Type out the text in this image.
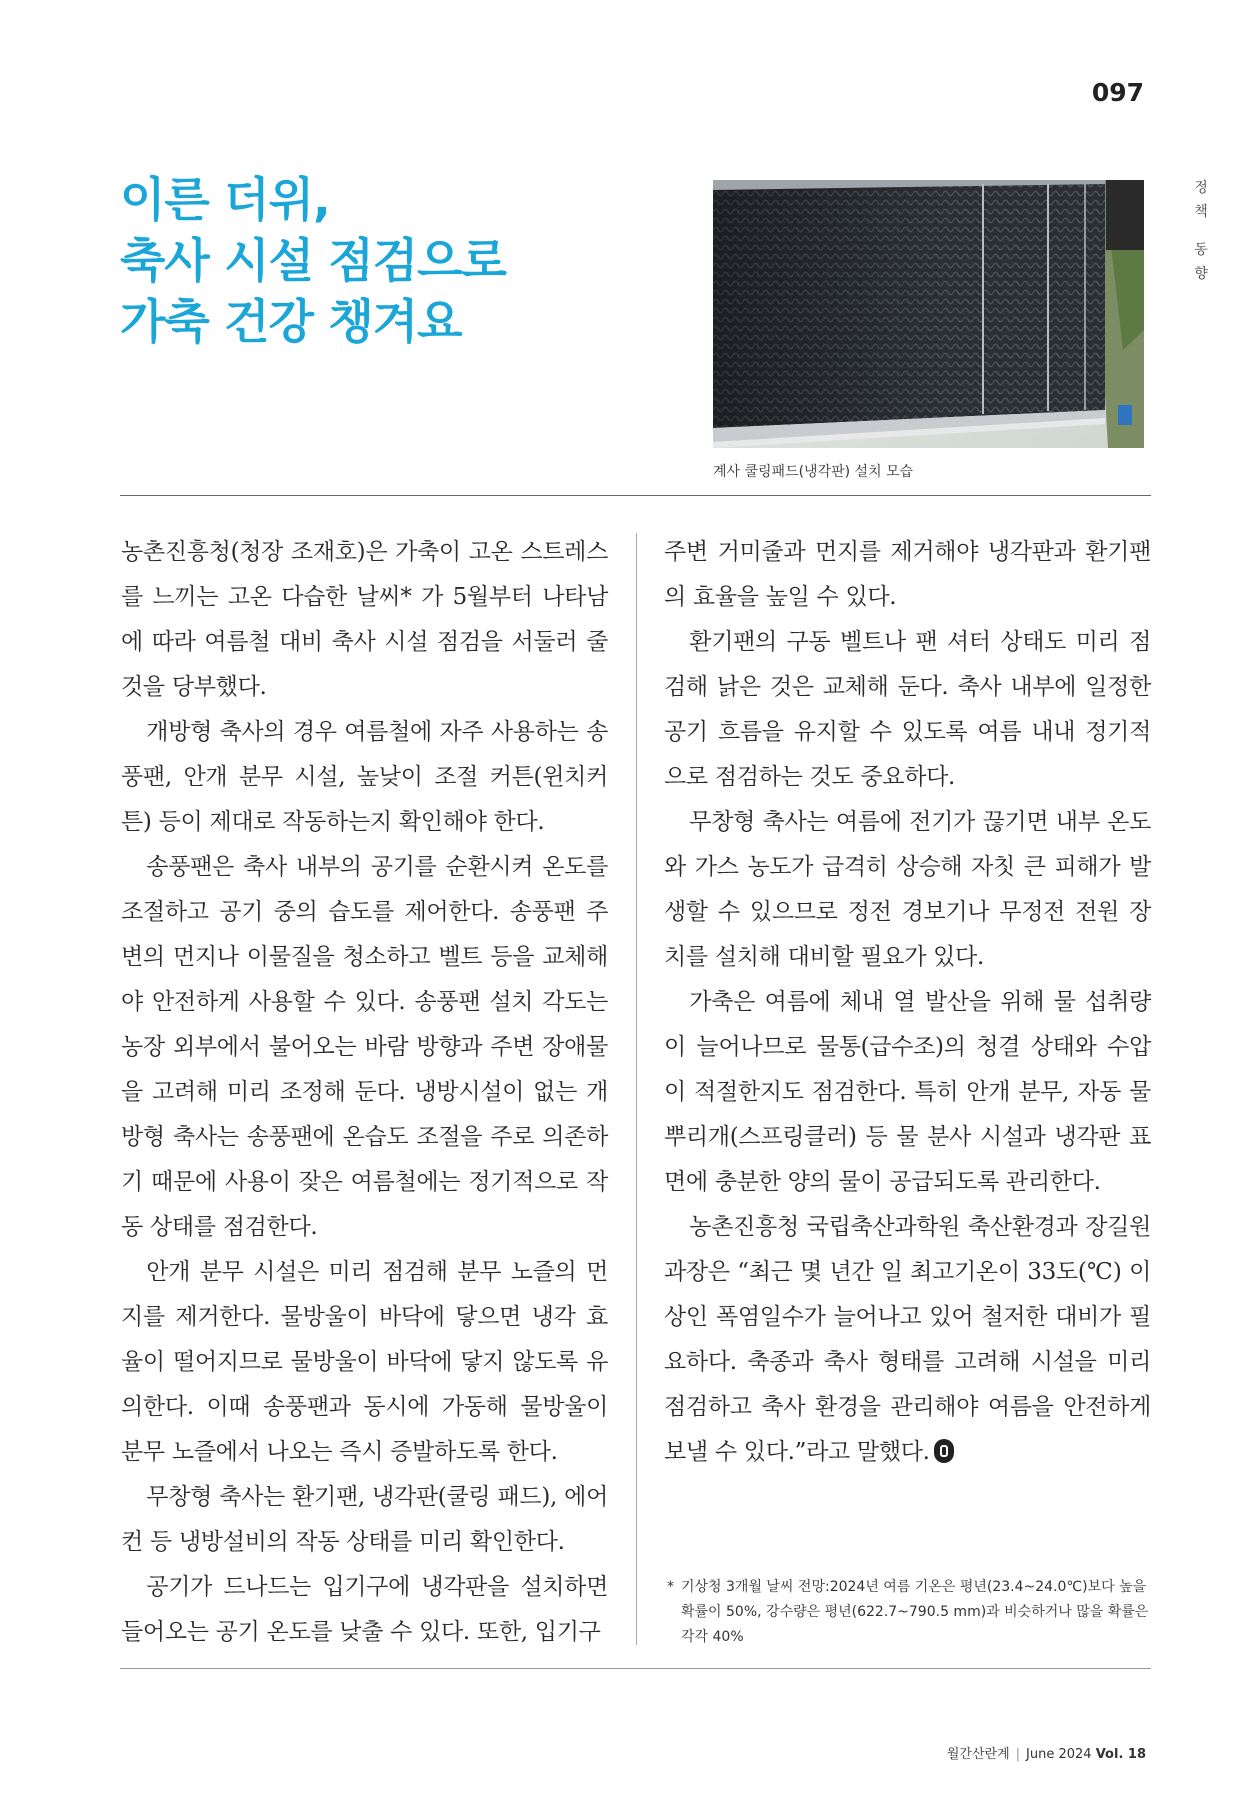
097
정
책
동
향
이른 더위,
축사 시설 점검으로
가축 건강 챙겨요
계사 쿨링패드(냉각판) 설치 모습

농촌진흥청(청장 조재호)은 가축이 고온 스트레스를 느끼는 고온 다습한 날씨* 가 5월부터 나타남에 따라 여름철 대비 축사 시설 점검을 서둘러 줄 것을 당부했다.

개방형 축사의 경우 여름철에 자주 사용하는 송풍팬, 안개 분무 시설, 높낮이 조절 커튼(윈치커튼) 등이 제대로 작동하는지 확인해야 한다.

송풍팬은 축사 내부의 공기를 순환시켜 온도를 조절하고 공기 중의 습도를 제어한다. 송풍팬 주변의 먼지나 이물질을 청소하고 벨트 등을 교체해야 안전하게 사용할 수 있다. 송풍팬 설치 각도는 농장 외부에서 불어오는 바람 방향과 주변 장애물을 고려해 미리 조정해 둔다. 냉방시설이 없는 개방형 축사는 송풍팬에 온습도 조절을 주로 의존하기 때문에 사용이 잦은 여름철에는 정기적으로 작동 상태를 점검한다.

안개 분무 시설은 미리 점검해 분무 노즐의 먼지를 제거한다. 물방울이 바닥에 닿으면 냉각 효율이 떨어지므로 물방울이 바닥에 닿지 않도록 유의한다. 이때 송풍팬과 동시에 가동해 물방울이 분무 노즐에서 나오는 즉시 증발하도록 한다.

무창형 축사는 환기팬, 냉각판(쿨링 패드), 에어컨 등 냉방설비의 작동 상태를 미리 확인한다.

공기가 드나드는 입기구에 냉각판을 설치하면 들어오는 공기 온도를 낮출 수 있다. 또한, 입기구

주변 거미줄과 먼지를 제거해야 냉각판과 환기팬의 효율을 높일 수 있다.

환기팬의 구동 벨트나 팬 셔터 상태도 미리 점검해 낡은 것은 교체해 둔다. 축사 내부에 일정한 공기 흐름을 유지할 수 있도록 여름 내내 정기적으로 점검하는 것도 중요하다.

무창형 축사는 여름에 전기가 끊기면 내부 온도와 가스 농도가 급격히 상승해 자칫 큰 피해가 발생할 수 있으므로 정전 경보기나 무정전 전원 장치를 설치해 대비할 필요가 있다.

가축은 여름에 체내 열 발산을 위해 물 섭취량이 늘어나므로 물통(급수조)의 청결 상태와 수압이 적절한지도 점검한다. 특히 안개 분무, 자동 물뿌리개(스프링클러) 등 물 분사 시설과 냉각판 표면에 충분한 양의 물이 공급되도록 관리한다.

농촌진흥청 국립축산과학원 축산환경과 장길원 과장은 “최근 몇 년간 일 최고기온이 33도(℃) 이상인 폭염일수가 늘어나고 있어 철저한 대비가 필요하다. 축종과 축사 형태를 고려해 시설을 미리 점검하고 축사 환경을 관리해야 여름을 안전하게 보낼 수 있다.”라고 말했다.

* 기상청 3개월 날씨 전망:2024년 여름 기온은 평년(23.4~24.0℃)보다 높을 확률이 50%, 강수량은 평년(622.7~790.5 mm)과 비슷하거나 많을 확률은 각각 40%
월간산란계 | June 2024 Vol. 18
